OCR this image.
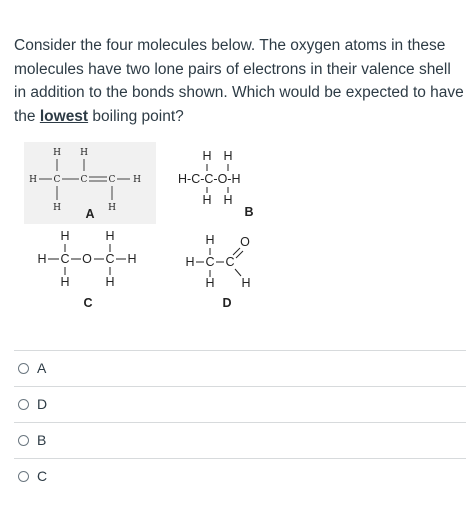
Consider the four molecules below. The oxygen atoms in these molecules have two lone pairs of electrons in their valence shell in addition to the bonds shown. Which would be expected to have the lowest boiling point?
H H
H C C C H
H	H
A
H H
H-C-C-O-H
H H
B
H	H
H C O C H
H	H
C
H O
H C C
H H
D
A
D
B
C
